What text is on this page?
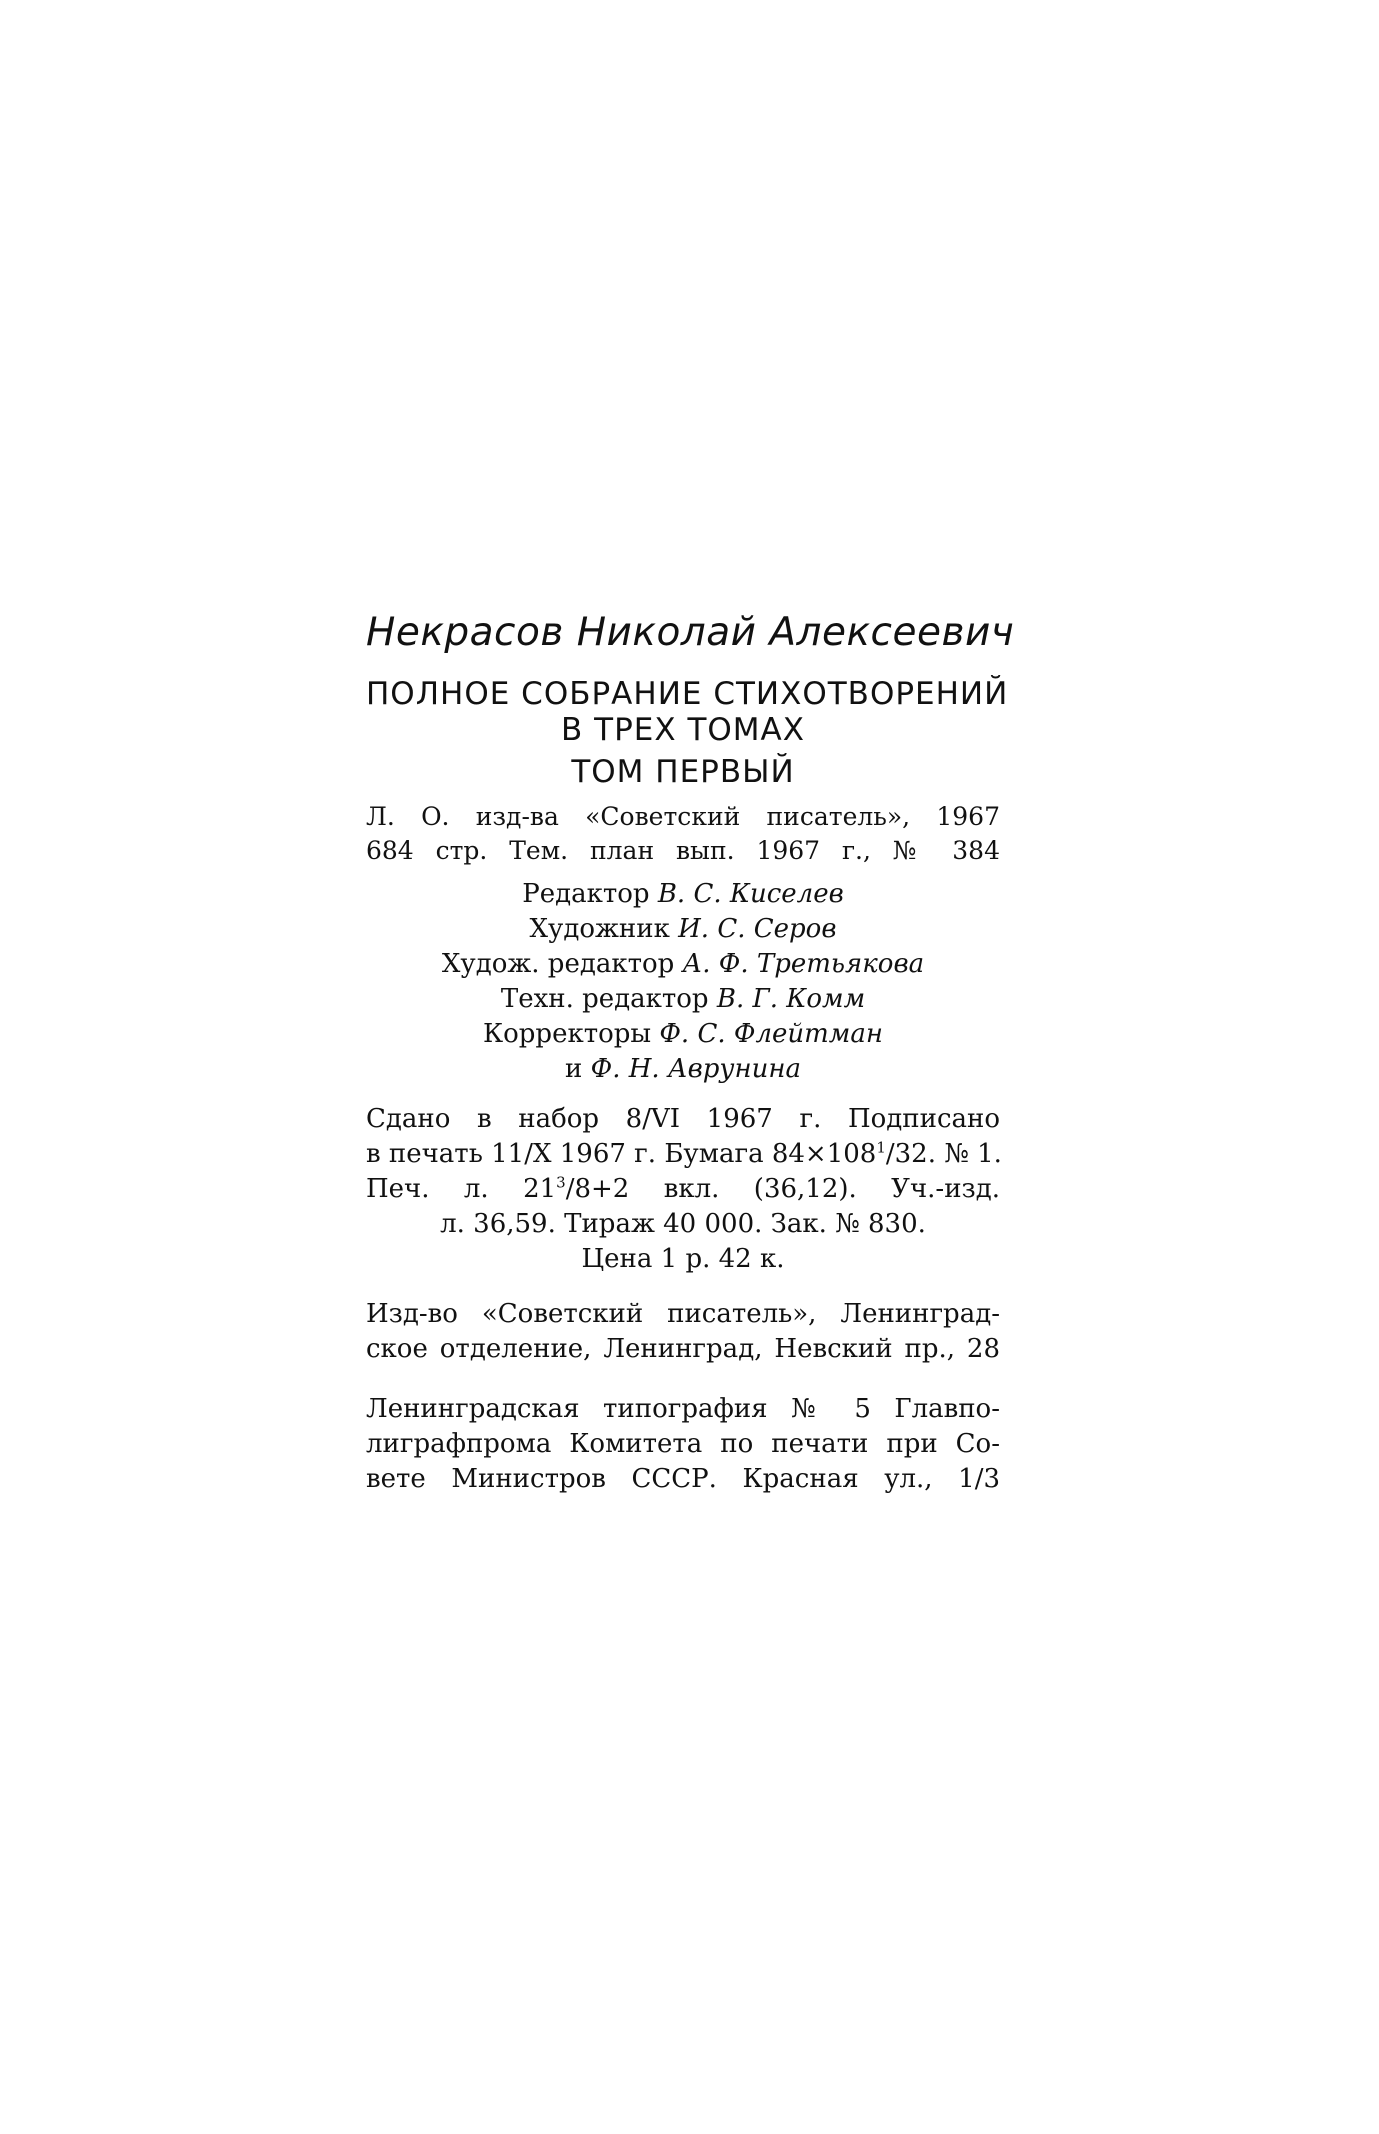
Некрасов Николай Алексеевич
ПОЛНОЕ СОБРАНИЕ СТИХОТВОРЕНИЙ
В ТРЕХ ТОМАХ
ТОМ ПЕРВЫЙ
Л. О. изд-ва «Советский писатель», 1967
684 стр. Тем. план вып. 1967 г., № 384
Редактор В. С. Киселев
Художник И. С. Серов
Худож. редактор А. Ф. Третьякова
Техн. редактор В. Г. Комм
Корректоры Ф. С. Флейтман
и Ф. Н. Аврунина
Сдано в набор 8/VI 1967 г. Подписано
в печать 11/X 1967 г. Бумага $84\times 108^1/32$. № 1.
Печ. л. $21^3/8+2$ вкл. (36,12). Уч.-изд.
л. 36,59. Тираж 40 000. Зак. № 830.
Цена 1 р. 42 к.
Изд-во «Советский писатель», Ленинград-
ское отделение, Ленинград, Невский пр., 28
Ленинградская типография № 5 Главпо-
лиграфпрома Комитета по печати при Со-
вете Министров СССР. Красная ул., 1/3
